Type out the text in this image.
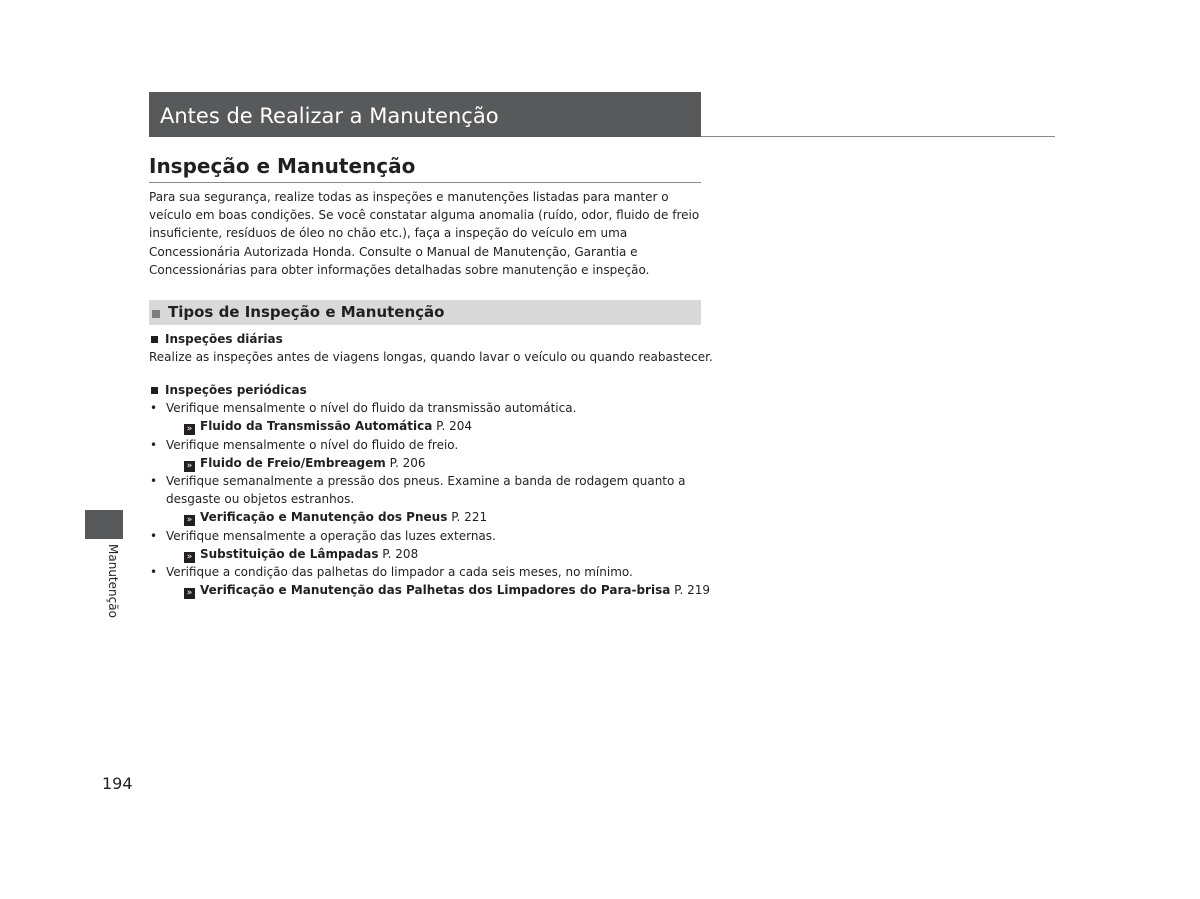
Antes de Realizar a Manutenção
Inspeção e Manutenção

Para sua segurança, realize todas as inspeções e manutenções listadas para manter o veículo em boas condições. Se você constatar alguma anomalia (ruído, odor, fluido de freio insuficiente, resíduos de óleo no chão etc.), faça a inspeção do veículo em uma Concessionária Autorizada Honda. Consulte o Manual de Manutenção, Garantia e Concessionárias para obter informações detalhadas sobre manutenção e inspeção.

Tipos de Inspeção e Manutenção
Inspeções diárias
Realize as inspeções antes de viagens longas, quando lavar o veículo ou quando reabastecer.
Inspeções periódicas
• Verifique mensalmente o nível do fluido da transmissão automática.
» Fluido da Transmissão Automática P. 204
• Verifique mensalmente o nível do fluido de freio.
» Fluido de Freio/Embreagem P. 206
• Verifique semanalmente a pressão dos pneus. Examine a banda de rodagem quanto a
desgaste ou objetos estranhos.
» Verificação e Manutenção dos Pneus P. 221
• Verifique mensalmente a operação das luzes externas.
» Substituição de Lâmpadas P. 208
• Verifique a condição das palhetas do limpador a cada seis meses, no mínimo.
» Verificação e Manutenção das Palhetas dos Limpadores do Para-brisa P. 219
Manutenção
194
